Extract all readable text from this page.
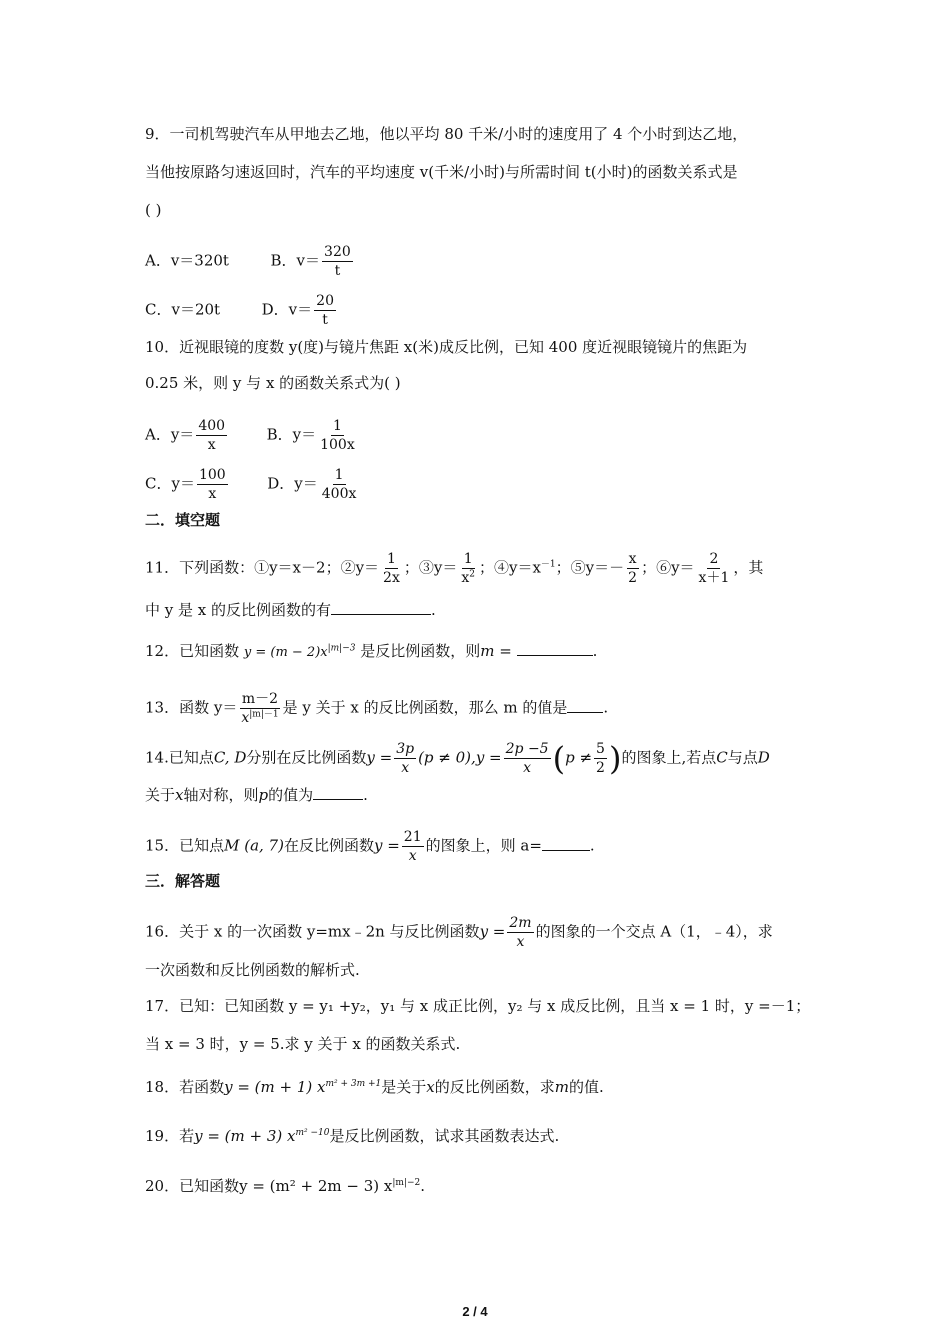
9．一司机驾驶汽车从甲地去乙地，他以平均 80 千米/小时的速度用了 4 个小时到达乙地，
当他按原路匀速返回时，汽车的平均速度 v(千米/小时)与所需时间 t(小时)的函数关系式是
( )
A．v＝320t	B．$v= \frac{320}{t}$
C．v＝20t	D．$v= \frac{20}{t}$
10．近视眼镜的度数 y(度)与镜片焦距 x(米)成反比例，已知 400 度近视眼镜镜片的焦距为
0.25 米，则 y 与 x 的函数关系式为( )
A．$y= \frac{400}{x}$	B．$y= \frac{1}{100x}$
C．$y= \frac{100}{x}$	D．$y= \frac{1}{400x}$
二．填空题
11．下列函数：①y＝x－2；②y＝ $\frac{1}{2x}$ ；③y＝ $\frac{1}{x^2}$ ；$④y=x^{-1}$；⑤y＝－ $\frac{x}{2}$ ；⑥y＝ $\frac{2}{x+1}$ ，其
中 y 是 x 的反比例函数的有	.
12．已知函数 $y = (m - 2)x^{|m|-3}$ 是反比例函数，则m =	.
13．函数 $y= \frac{m-2}{x^{|m|-1}}$ 是 y 关于 x 的反比例函数，那么 m 的值是 .
14.已知点C, D分别在反比例函数$y = \frac{3p}{x} (p \ne 0),y = \frac{2p -5}{x} (p \ne \frac{5}{2}$ )的图象上,若点C与点D
关于x轴对称，则p的值为	.
15．已知点M (a, 7)在反比例函数$y = \frac{21}{x}$ 的图象上，则 a=	.
三．解答题
16．关于 x 的一次函数 y=mx﹣2n 与反比例函数$y = \frac{2m}{x}$ 的图象的一个交点 A（1，﹣4），求
一次函数和反比例函数的解析式.
17．已知：已知函数 y = y₁ +y₂，y₁ 与 x 成正比例，y₂ 与 x 成反比例，且当 x = 1 时，y =－1；
当 x = 3 时，y = 5.求 y 关于 x 的函数关系式.
18．若函数y = (m + 1) $x^{m^2 + 3m +1}$是关于x的反比例函数，求m的值.
19．若y = (m + 3) $x^{m^2 -10}$是反比例函数，试求其函数表达式.
20．已知函数y = (m² + 2m − 3) $x^{|m|-2}$.
2 / 4
